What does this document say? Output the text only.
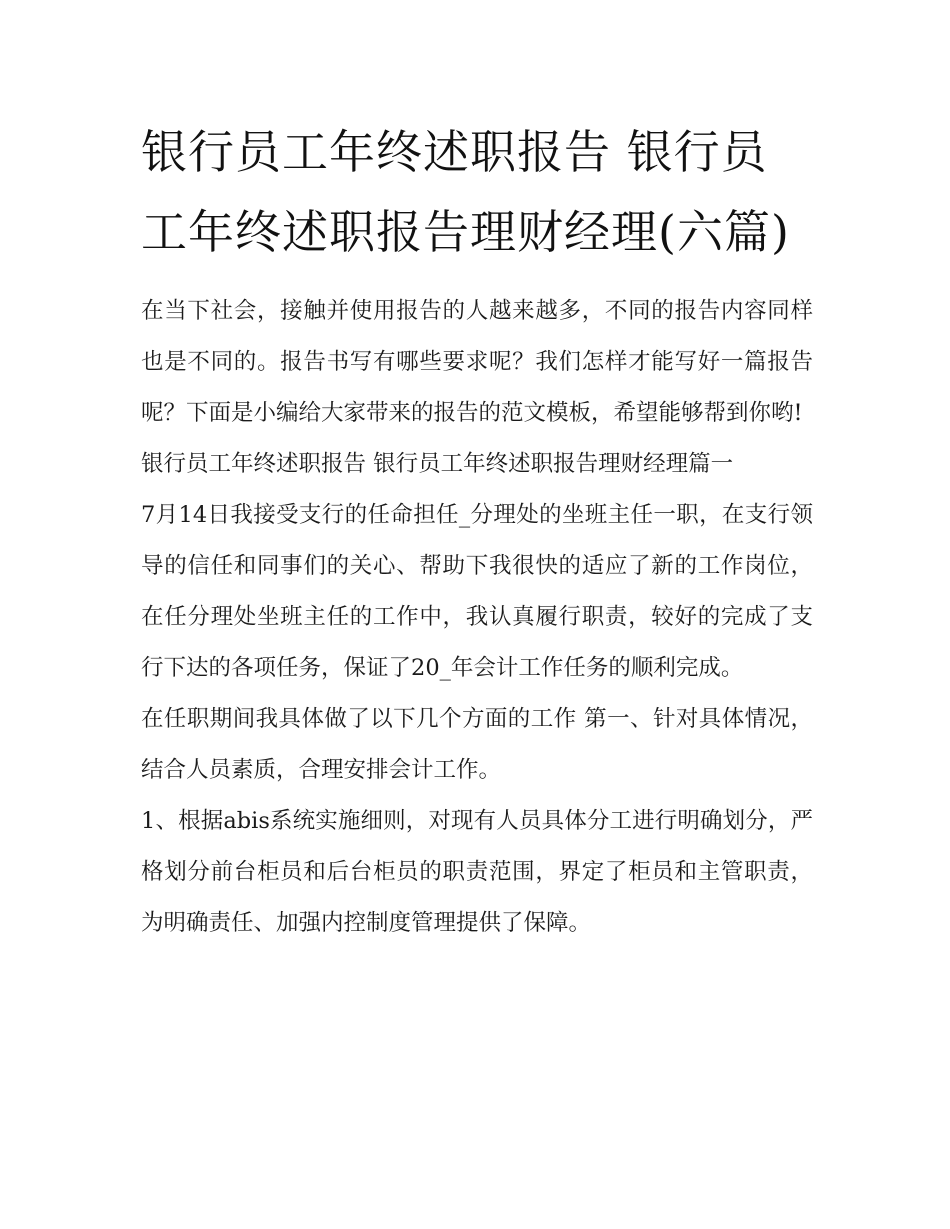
银行员工年终述职报告 银行员工年终述职报告理财经理(六篇)

在当下社会，接触并使用报告的人越来越多，不同的报告内容同样也是不同的。报告书写有哪些要求呢？我们怎样才能写好一篇报告呢？下面是小编给大家带来的报告的范文模板，希望能够帮到你哟!

银行员工年终述职报告 银行员工年终述职报告理财经理篇一

7月14日我接受支行的任命担任_分理处的坐班主任一职，在支行领导的信任和同事们的关心、帮助下我很快的适应了新的工作岗位，在任分理处坐班主任的工作中，我认真履行职责，较好的完成了支行下达的各项任务，保证了20_年会计工作任务的顺利完成。

在任职期间我具体做了以下几个方面的工作 第一、针对具体情况，结合人员素质，合理安排会计工作。

1、根据abis系统实施细则，对现有人员具体分工进行明确划分，严格划分前台柜员和后台柜员的职责范围，界定了柜员和主管职责，为明确责任、加强内控制度管理提供了保障。
